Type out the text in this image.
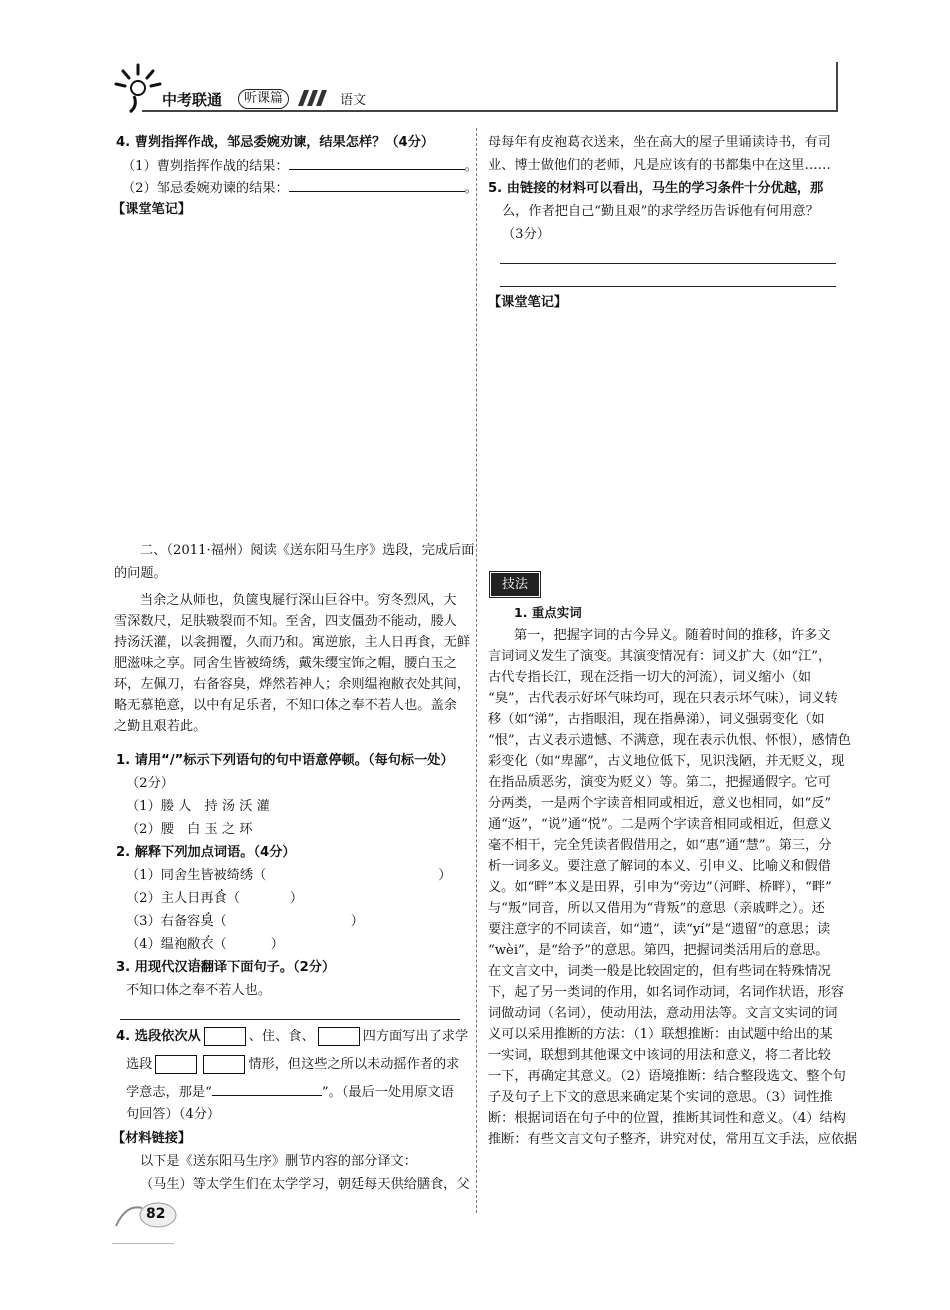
中考联通	听课篇	语文
4. 曹刿指挥作战，邹忌委婉劝谏，结果怎样？（4分）
（1）曹刿指挥作战的结果：	。
（2）邹忌委婉劝谏的结果：	。
【课堂笔记】
二、（2011·福州）阅读《送东阳马生序》选段，完成后面
的问题。
当余之从师也，负箧曳屣行深山巨谷中。穷冬烈风，大
雪深数尺，足肤皲裂而不知。至舍，四支僵劲不能动，媵人
持汤沃灌，以衾拥覆，久而乃和。寓逆旅，主人日再食，无鲜
肥滋味之享。同舍生皆被绮绣，戴朱缨宝饰之帽，腰白玉之
环，左佩刀，右备容臭，烨然若神人；余则缊袍敝衣处其间，
略无慕艳意，以中有足乐者，不知口体之奉不若人也。盖余
之勤且艰若此。
1. 请用“/”标示下列语句的句中语意停顿。（每句标一处）
（2分）
（1）媵 人　持 汤 沃 灌
（2）腰　白 玉 之 环
2. 解释下列加点词语。（4分）
（1）同舍生皆被绮绣（	）
（2）主人日再食（	）
（3）右备容臭（	）
（4）缊袍敝衣（	）
3. 用现代汉语翻译下面句子。（2分）
不知口体之奉不若人也。
4. 选段依次从	、住、食、	四方面写出了求学
选段	情形，但这些之所以未动摇作者的求
学意志，那是“	”。（最后一处用原文语
句回答）（4分）
【材料链接】
以下是《送东阳马生序》删节内容的部分译文：
（马生）等太学生们在太学学习，朝廷每天供给膳食，父
82
母每年有皮袍葛衣送来，坐在高大的屋子里诵读诗书，有司
业、博士做他们的老师，凡是应该有的书都集中在这里……
5. 由链接的材料可以看出，马生的学习条件十分优越，那
么，作者把自己“勤且艰”的求学经历告诉他有何用意？
（3分）
【课堂笔记】
技法
1. 重点实词
第一，把握字词的古今异义。随着时间的推移，许多文
言词词义发生了演变。其演变情况有：词义扩大（如“江”，
古代专指长江，现在泛指一切大的河流），词义缩小（如
“臭”，古代表示好坏气味均可，现在只表示坏气味），词义转
移（如“涕”，古指眼泪，现在指鼻涕），词义强弱变化（如
“恨”，古义表示遗憾、不满意，现在表示仇恨、怀恨），感情色
彩变化（如“卑鄙”，古义地位低下，见识浅陋，并无贬义，现
在指品质恶劣，演变为贬义）等。第二，把握通假字。它可
分两类，一是两个字读音相同或相近，意义也相同，如“反”
通“返”，“说”通“悦”。二是两个字读音相同或相近，但意义
毫不相干，完全凭读者假借用之，如“惠”通“慧”。第三，分
析一词多义。要注意了解词的本义、引申义、比喻义和假借
义。如“畔”本义是田界，引申为“旁边”（河畔、桥畔），“畔”
与“叛”同音，所以又借用为“背叛”的意思（亲戚畔之）。还
要注意字的不同读音，如“遗”，读“yí”是“遗留”的意思；读
“wèi”，是“给予”的意思。第四，把握词类活用后的意思。
在文言文中，词类一般是比较固定的，但有些词在特殊情况
下，起了另一类词的作用，如名词作动词，名词作状语，形容
词做动词（名词），使动用法，意动用法等。文言文实词的词
义可以采用推断的方法：（1）联想推断：由试题中给出的某
一实词，联想到其他课文中该词的用法和意义，将二者比较
一下，再确定其意义。（2）语境推断：结合整段选文、整个句
子及句子上下文的意思来确定某个实词的意思。（3）词性推
断：根据词语在句子中的位置，推断其词性和意义。（4）结构
推断：有些文言文句子整齐，讲究对仗，常用互文手法，应依据
